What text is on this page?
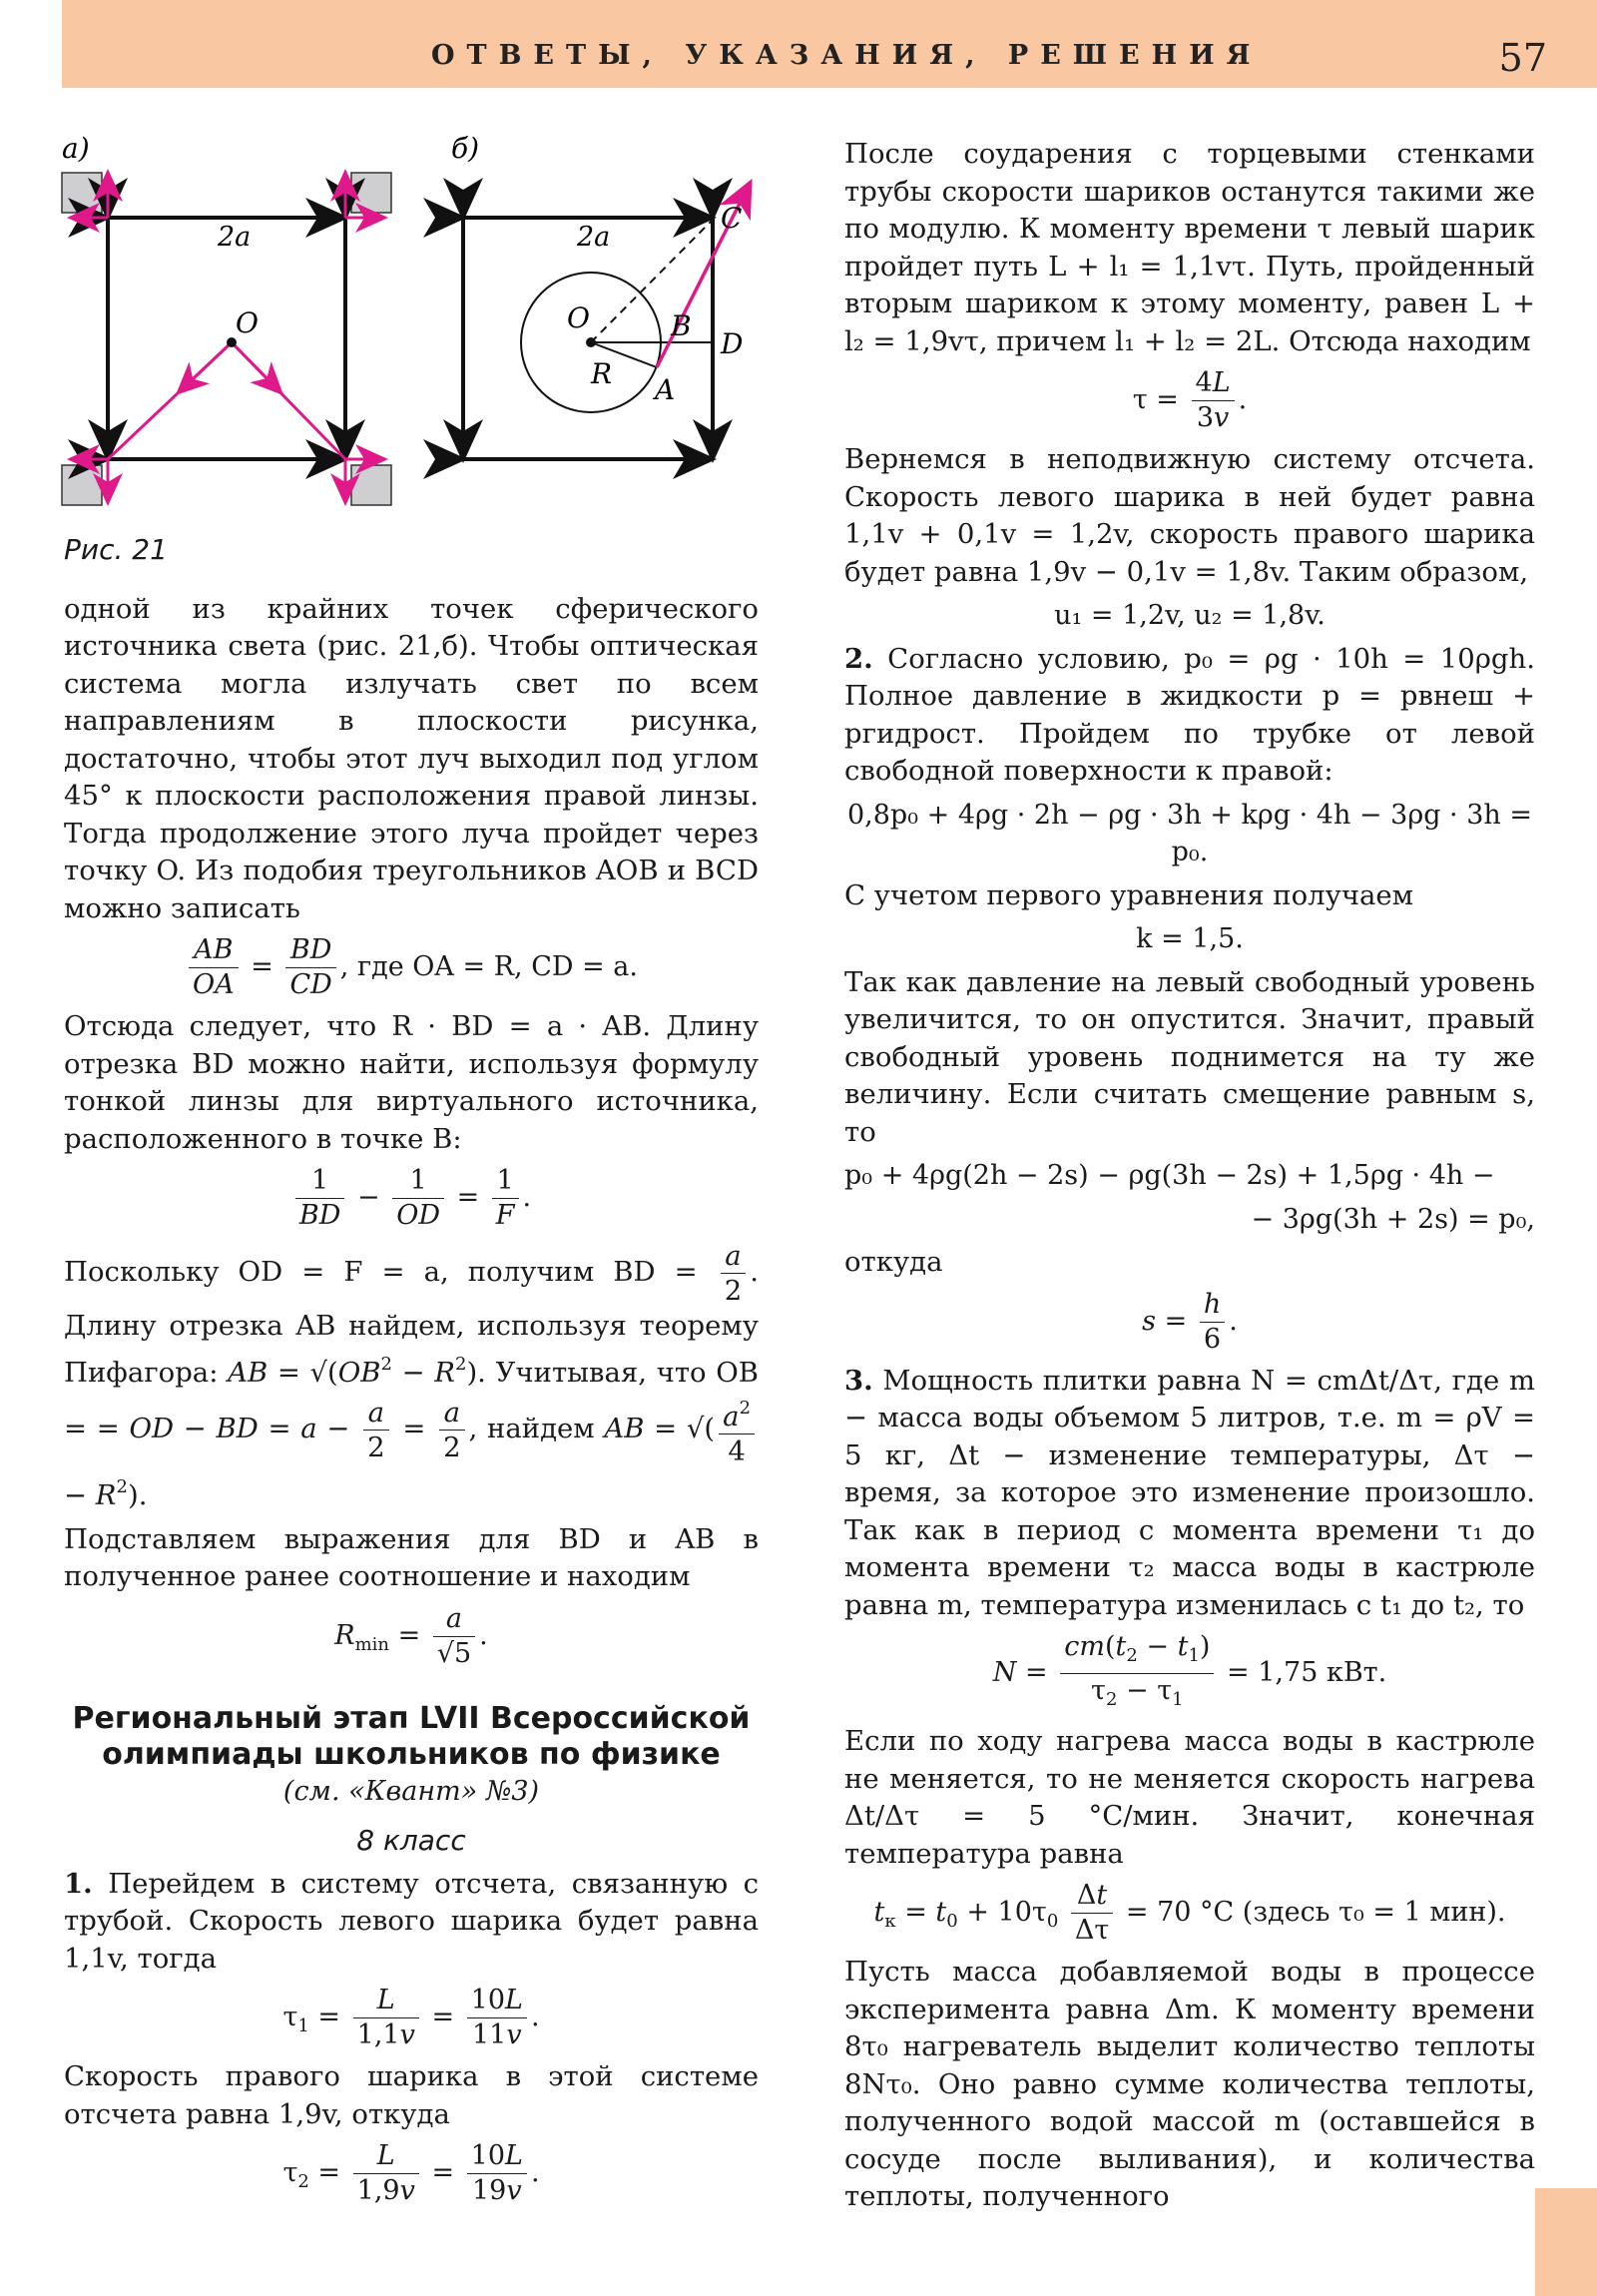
ОТВЕТЫ, УКАЗАНИЯ, РЕШЕНИЯ	57
а)
2a
O
б)
2a
O	B
C
D
R A

Рис. 21

одной из крайних точек сферического источника света (рис. 21,б). Чтобы оптическая система могла излучать свет по всем направлениям в плоскости рисунка, достаточно, чтобы этот луч выходил под углом 45° к плоскости расположения правой линзы. Тогда продолжение этого луча пройдет через точку O. Из подобия треугольников AOB и BCD можно записать

$\frac{AB}{OA} = \frac{BD}{CD}$ , где OA = R, CD = a.

Отсюда следует, что R · BD = a · AB. Длину отрезка BD можно найти, используя формулу тонкой линзы для виртуального источника, расположенного в точке B:

$\frac{1}{BD} - \frac{1}{OD} = \frac{1}{F}$ .

Поскольку OD = F = a, получим BD = $\frac{a}{2}$ . Длину отрезка AB найдем, используя теорему Пифагора: AB = $√(OB^2 - R^2)$. Учитывая, что OB = = OD − BD = $a - \frac{a}{2} = \frac{a}{2}$ , найдем AB = √( $\frac{a^2}{4}$
− $R^2$).

Подставляем выражения для BD и AB в полученное ранее соотношение и находим

$R_{min} = \frac{a}{√5}$ .

Региональный этап LVII Всероссийской

олимпиады школьников по физике

(см. «Квант» №3)

8 класс

1. Перейдем в систему отсчета, связанную с трубой. Скорость левого шарика будет равна 1,1v, тогда

$\tau_1 = \frac{L}{1,1v} = \frac{10L}{11v}$ .

Скорость правого шарика в этой системе отсчета равна 1,9v, откуда

$\tau_2 = \frac{L}{1,9v} = \frac{10L}{19v}$ .

После соударения с торцевыми стенками трубы скорости шариков останутся такими же по модулю. К моменту времени τ левый шарик пройдет путь L + l₁ = 1,1vτ. Путь, пройденный вторым шариком к этому моменту, равен L + l₂ = 1,9vτ, причем l₁ + l₂ = 2L. Отсюда находим

$\tau = \frac{4L}{3v}$ .

Вернемся в неподвижную систему отсчета. Скорость левого шарика в ней будет равна 1,1v + 0,1v = 1,2v, скорость правого шарика будет равна 1,9v − 0,1v = 1,8v. Таким образом,

u₁ = 1,2v, u₂ = 1,8v.

2. Согласно условию, p₀ = ρg · 10h = 10ρgh. Полное давление в жидкости p = pвнеш + pгидрост. Пройдем по трубке от левой свободной поверхности к правой:

0,8p₀ + 4ρg · 2h − ρg · 3h + kρg · 4h − 3ρg · 3h = p₀.

С учетом первого уравнения получаем

k = 1,5.

Так как давление на левый свободный уровень увеличится, то он опустится. Значит, правый свободный уровень поднимется на ту же величину. Если считать смещение равным s, то

p₀ + 4ρg(2h − 2s) − ρg(3h − 2s) + 1,5ρg · 4h −
− 3ρg(3h + 2s) = p₀,

откуда

$s = \frac{h}{6}$ .

3. Мощность плитки равна N = cmΔt/Δτ, где m − масса воды объемом 5 литров, т.е. m = ρV = 5 кг, Δt − изменение температуры, Δτ − время, за которое это изменение произошло. Так как в период с момента времени τ₁ до момента времени τ₂ масса воды в кастрюле равна m, температура изменилась с t₁ до t₂, то

$N = \frac{cm(t_2 - t_1)}{\tau_2 - \tau_1} = 1,75$ кВт.

Если по ходу нагрева масса воды в кастрюле не меняется, то не меняется скорость нагрева Δt/Δτ = 5 °С/мин. Значит, конечная температура равна

$t_к = t_0 + 10\tau_0 \frac{\Delta t}{\Delta\tau} = 70$ °С (здесь τ₀ = 1 мин).

Пусть масса добавляемой воды в процессе эксперимента равна Δm. К моменту времени 8τ₀ нагреватель выделит количество теплоты 8Nτ₀. Оно равно сумме количества теплоты, полученного водой массой m (оставшейся в сосуде после выливания), и количества теплоты, полученного
